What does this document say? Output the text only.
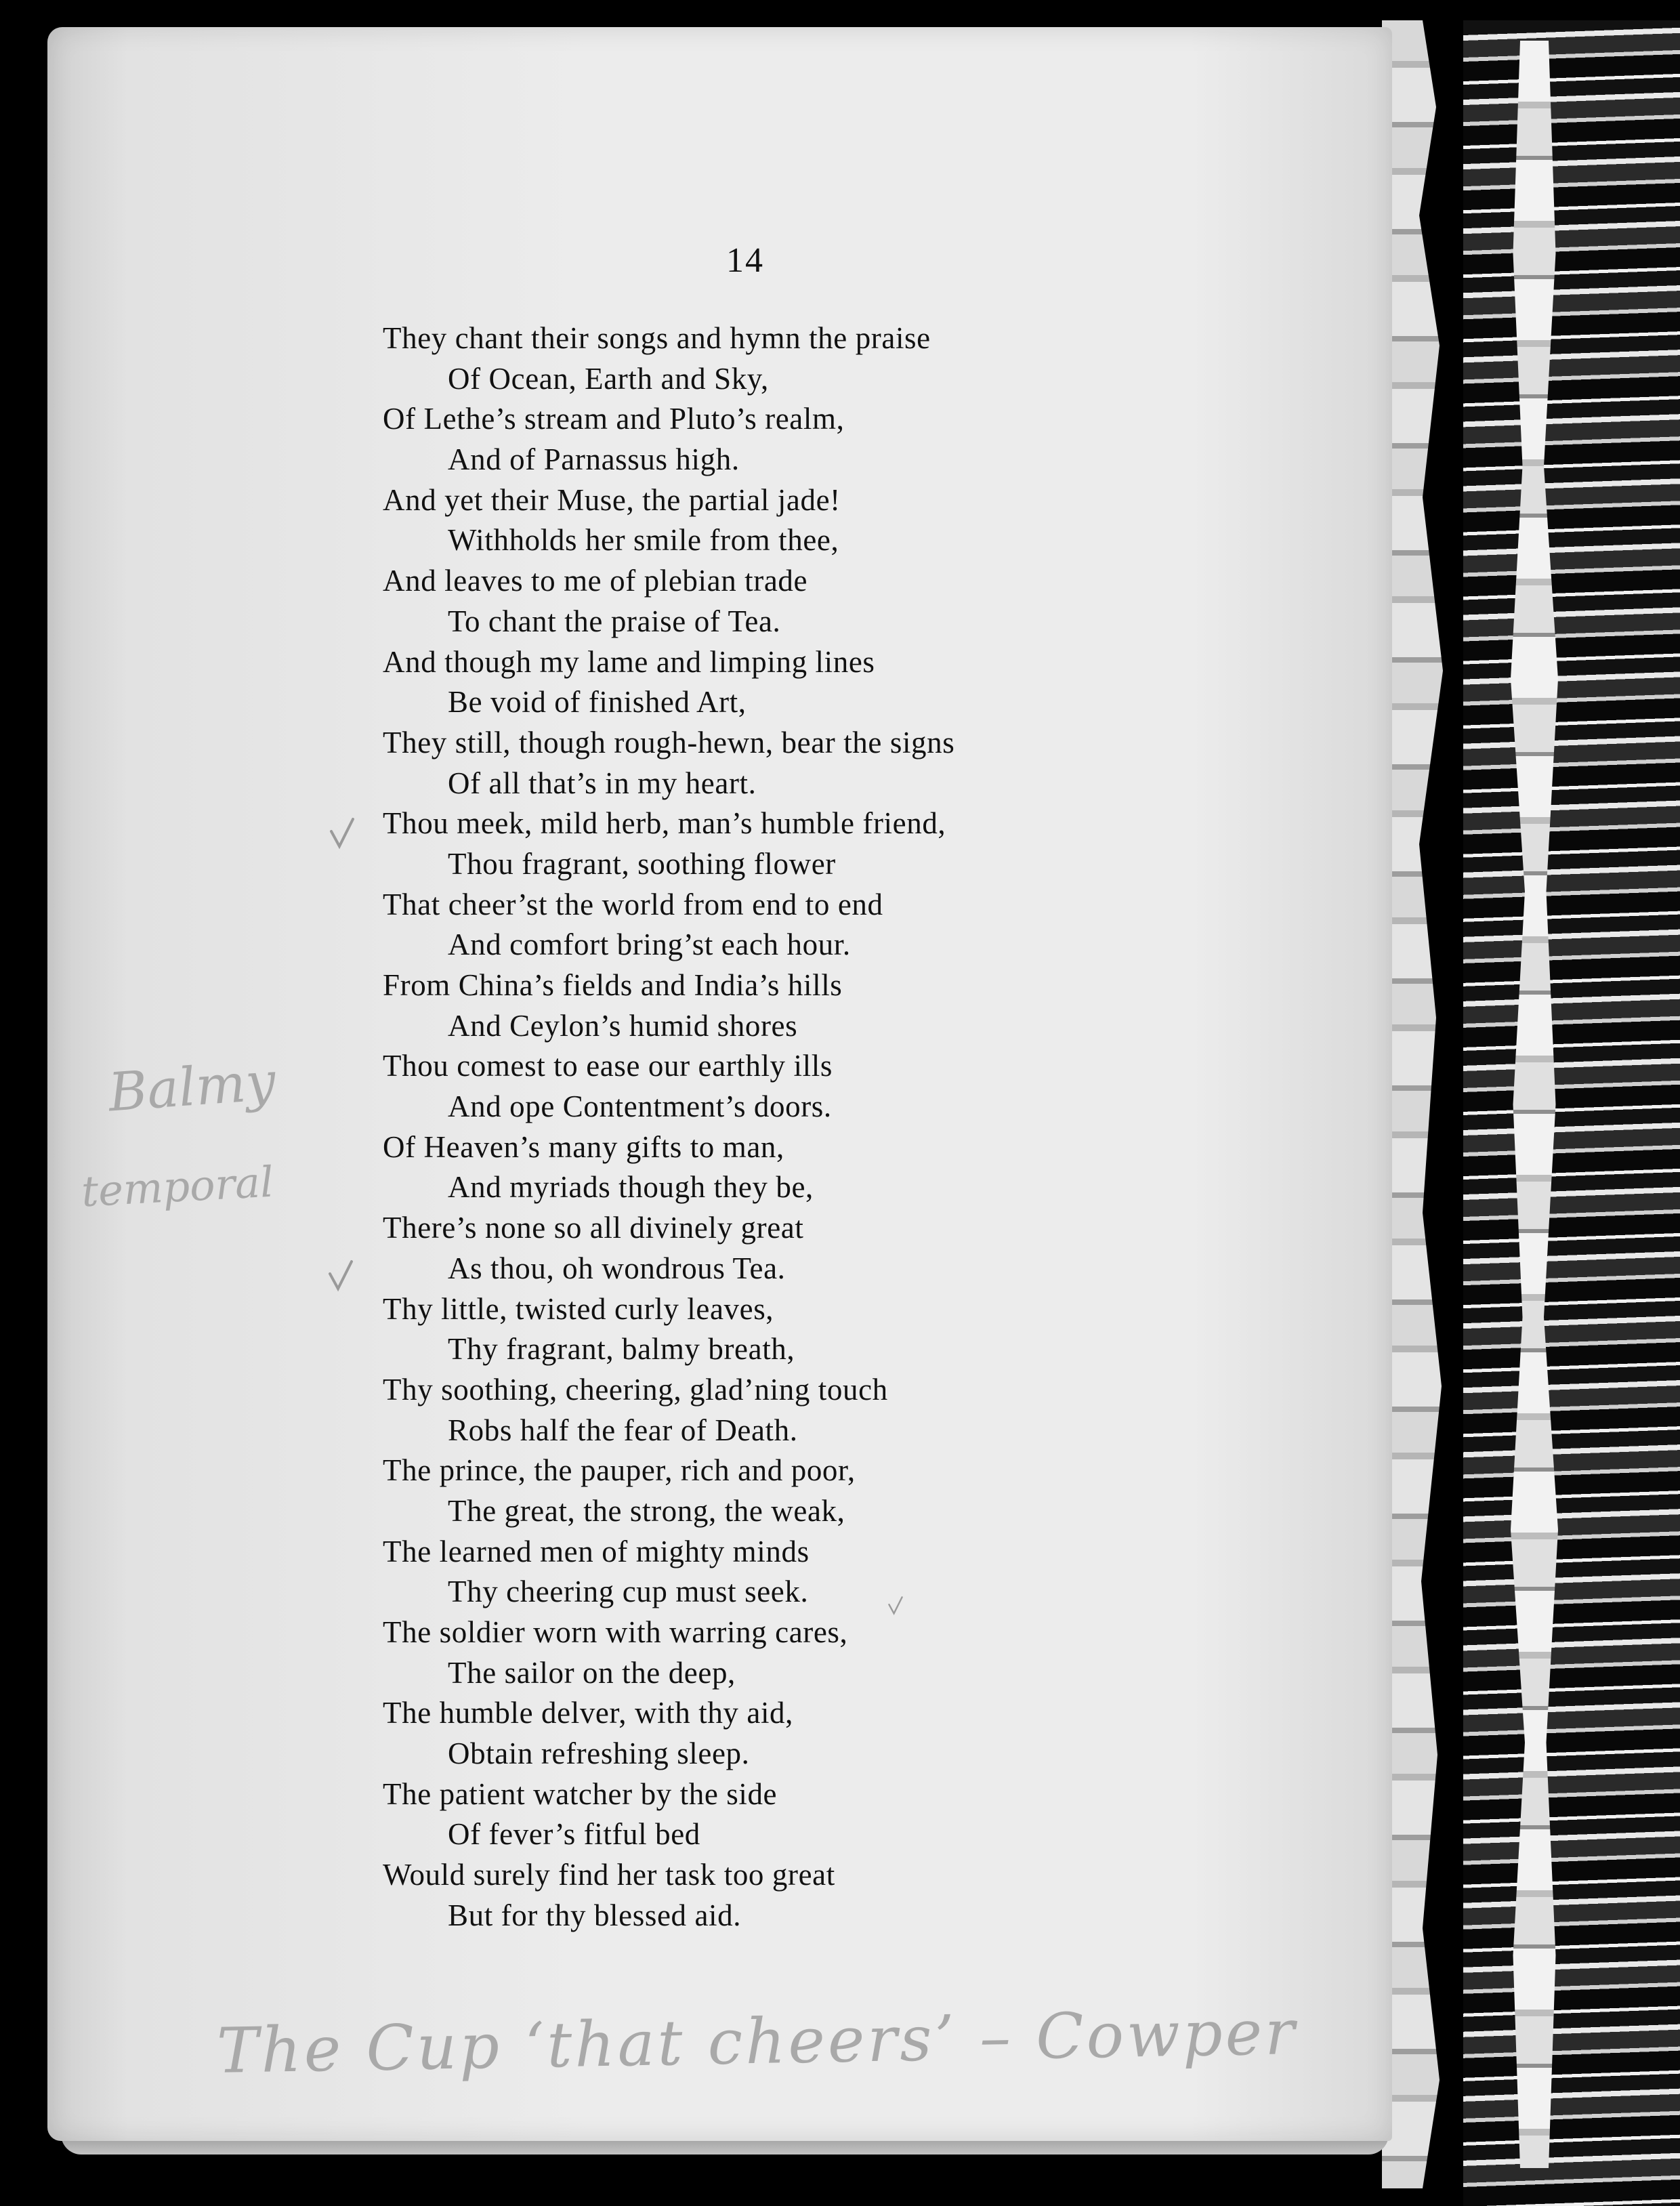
14
They chant their songs and hymn the praise
Of Ocean, Earth and Sky,
Of Lethe’s stream and Pluto’s realm,
And of Parnassus high.
And yet their Muse, the partial jade!
Withholds her smile from thee,
And leaves to me of plebian trade
To chant the praise of Tea.
And though my lame and limping lines
Be void of finished Art,
They still, though rough-hewn, bear the signs
Of all that’s in my heart.
Thou meek, mild herb, man’s humble friend,
Thou fragrant, soothing flower
That cheer’st the world from end to end
And comfort bring’st each hour.
From China’s fields and India’s hills
And Ceylon’s humid shores
Thou comest to ease our earthly ills
And ope Contentment’s doors.
Of Heaven’s many gifts to man,
And myriads though they be,
There’s none so all divinely great
As thou, oh wondrous Tea.
Thy little, twisted curly leaves,
Thy fragrant, balmy breath,
Thy soothing, cheering, glad’ning touch
Robs half the fear of Death.
The prince, the pauper, rich and poor,
The great, the strong, the weak,
The learned men of mighty minds
Thy cheering cup must seek.
The soldier worn with warring cares,
The sailor on the deep,
The humble delver, with thy aid,
Obtain refreshing sleep.
The patient watcher by the side
Of fever’s fitful bed
Would surely find her task too great
But for thy blessed aid.
Balmy
temporal
The Cup ‘that cheers’ – Cowper
